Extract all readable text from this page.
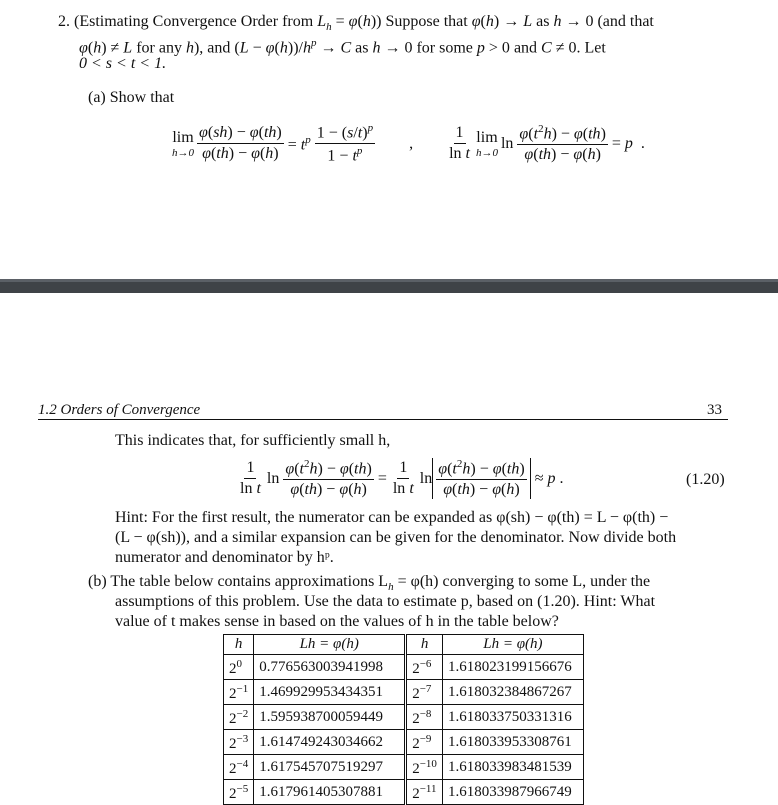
2. (Estimating Convergence Order from $L_h = \varphi(h)$) Suppose that φ(h) → L as h → 0 (and that
φ(h) ≠ L for any h), and $(L - \varphi(h))/h^p \to C$ as h → 0 for some p > 0 and C ≠ 0. Let
0 < s < t < 1.
(a) Show that
lim
$h\to 0 \frac{\varphi(sh) - \varphi(th)}{\varphi(th) - \varphi(h)} = t^p \frac{1 - (s/t)^p}{1 - t^p}$ , $\frac{1}{\text{ln t}}$ lim
h→0
$\ln \frac{\varphi(t^2h) - \varphi(th)}{\varphi(th) - \varphi(h)} = p$  .
1.2 Orders of Convergence	33
This indicates that, for sufficiently small h,
$\frac{1}{\text{ln t}}$ $\ln \frac{\varphi(t^2h) - \varphi(th)}{\varphi(th) - \varphi(h)} = \frac{1}{\text{ln t}}$ $\ln \frac{\varphi(t^2h) - \varphi(th)}{\varphi(th) - \varphi(h)} \approx p$ .	(1.20)
Hint: For the first result, the numerator can be expanded as φ(sh) − φ(th) = L − φ(th) −
(L − φ(sh)), and a similar expansion can be given for the denominator. Now divide both
numerator and denominator by hᵖ.
(b) The table below contains approximations $L_h = \varphi(h)$ converging to some L, under the
assumptions of this problem. Use the data to estimate p, based on (1.20). Hint: What
value of t makes sense in based on the values of h in the table below?
h	Lh = φ(h)	h	Lh = φ(h)
$2^0$	0.776563003941998	$2^{-6}$	1.618023199156676
$2^{-1}$	1.469929953434351	$2^{-7}$	1.618032384867267
$2^{-2}$	1.595938700059449	$2^{-8}$	1.618033750331316
$2^{-3}$	1.614749243034662	$2^{-9}$	1.618033953308761
$2^{-4}$	1.617545707519297	$2^{-10}$	1.618033983481539
$2^{-5}$	1.617961405307881	$2^{-11}$	1.618033987966749
